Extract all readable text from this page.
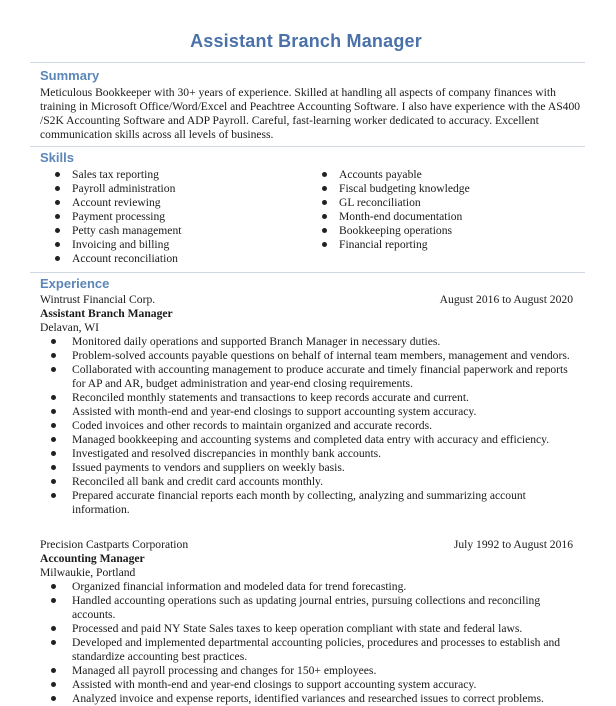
Assistant Branch Manager
Summary
Meticulous Bookkeeper with 30+ years of experience. Skilled at handling all aspects of company finances with training in Microsoft Office/Word/Excel and Peachtree Accounting Software. I also have experience with the AS400 /S2K Accounting Software and ADP Payroll. Careful, fast-learning worker dedicated to accuracy. Excellent communication skills across all levels of business.
Skills
Sales tax reporting
Payroll administration
Account reviewing
Payment processing
Petty cash management
Invoicing and billing
Account reconciliation
Accounts payable
Fiscal budgeting knowledge
GL reconciliation
Month-end documentation
Bookkeeping operations
Financial reporting
Experience
Wintrust Financial Corp.	August 2016 to August 2020
Assistant Branch Manager
Delavan, WI
Monitored daily operations and supported Branch Manager in necessary duties.
Problem-solved accounts payable questions on behalf of internal team members, management and vendors.
Collaborated with accounting management to produce accurate and timely financial paperwork and reports for AP and AR, budget administration and year-end closing requirements.
Reconciled monthly statements and transactions to keep records accurate and current.
Assisted with month-end and year-end closings to support accounting system accuracy.
Coded invoices and other records to maintain organized and accurate records.
Managed bookkeeping and accounting systems and completed data entry with accuracy and efficiency.
Investigated and resolved discrepancies in monthly bank accounts.
Issued payments to vendors and suppliers on weekly basis.
Reconciled all bank and credit card accounts monthly.
Prepared accurate financial reports each month by collecting, analyzing and summarizing account information.
Precision Castparts Corporation	July 1992 to August 2016
Accounting Manager
Milwaukie, Portland
Organized financial information and modeled data for trend forecasting.
Handled accounting operations such as updating journal entries, pursuing collections and reconciling accounts.
Processed and paid NY State Sales taxes to keep operation compliant with state and federal laws.
Developed and implemented departmental accounting policies, procedures and processes to establish and standardize accounting best practices.
Managed all payroll processing and changes for 150+ employees.
Assisted with month-end and year-end closings to support accounting system accuracy.
Analyzed invoice and expense reports, identified variances and researched issues to correct problems.
